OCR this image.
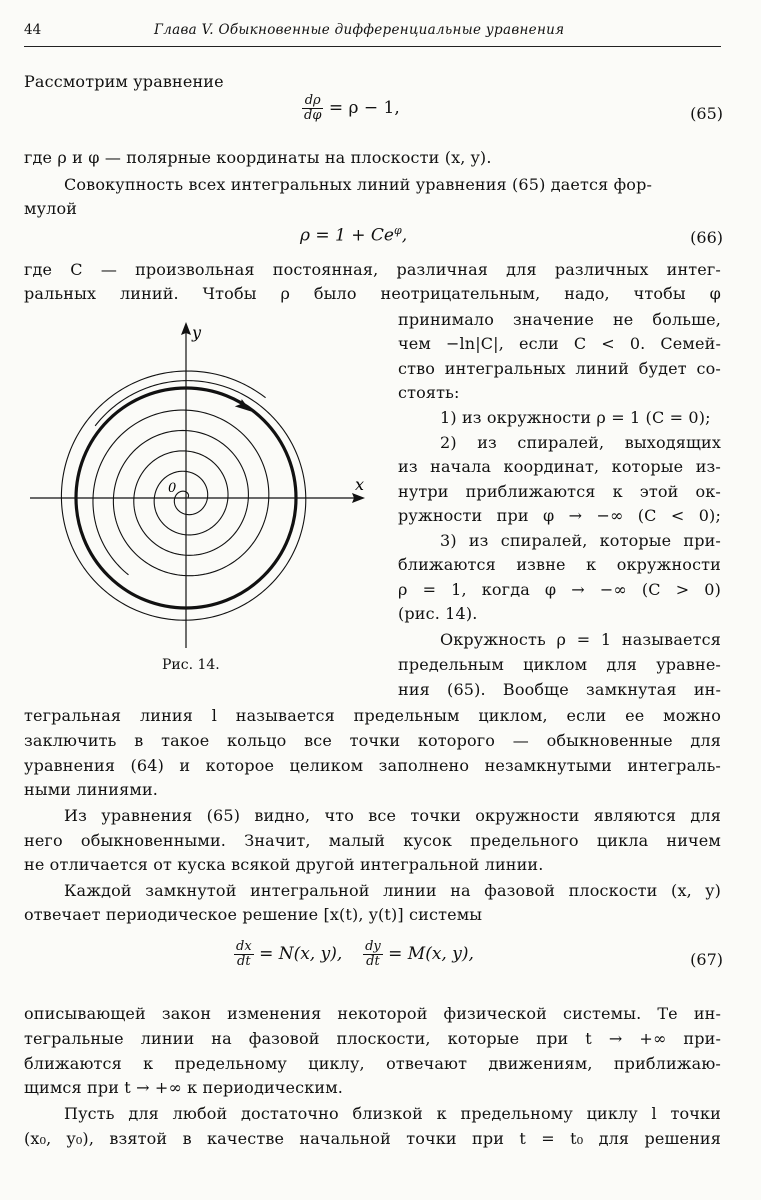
44	Глава V. Обыкновенные дифференциальные уравнения
Рассмотрим уравнение
$\frac{d\rho}{d\varphi} = \rho - 1$,	(65)
где ρ и φ — полярные координаты на плоскости (x, y).
Совокупность всех интегральных линий уравнения (65) дается фор-
мулой
$\rho = 1 + Ce^\varphi$,	(66)
где C — произвольная постоянная, различная для различных интег-
ральных линий. Чтобы ρ было неотрицательным, надо, чтобы φ
принимало значение не больше,
чем −ln|C|, если C < 0. Семей-
ство интегральных линий будет со-
стоять:
1) из окружности ρ = 1 (C = 0);
2) из спиралей, выходящих
из начала координат, которые из-
нутри приближаются к этой ок-
ружности при φ → −∞ (C < 0);
3) из спиралей, которые при-
ближаются извне к окружности
ρ = 1, когда φ → −∞ (C > 0)
(рис. 14).
Окружность ρ = 1 называется
предельным циклом для уравне-
ния (65). Вообще замкнутая ин-
x
y
0
Рис. 14.
тегральная линия l называется предельным циклом, если ее можно
заключить в такое кольцо все точки которого — обыкновенные для
уравнения (64) и которое целиком заполнено незамкнутыми интеграль-
ными линиями.
Из уравнения (65) видно, что все точки окружности являются для
него обыкновенными. Значит, малый кусок предельного цикла ничем
не отличается от куска всякой другой интегральной линии.
Каждой замкнутой интегральной линии на фазовой плоскости (x, y)
отвечает периодическое решение [x(t), y(t)] системы
$\frac{dx}{dt} = N(x$, y), $\frac{dy}{dt} = M(x$, y),	(67)
описывающей закон изменения некоторой физической системы. Те ин-
тегральные линии на фазовой плоскости, которые при t → +∞ при-
ближаются к предельному циклу, отвечают движениям, приближаю-
щимся при t → +∞ к периодическим.
Пусть для любой достаточно близкой к предельному циклу l точки
(x₀, y₀), взятой в качестве начальной точки при t = t₀ для решения
